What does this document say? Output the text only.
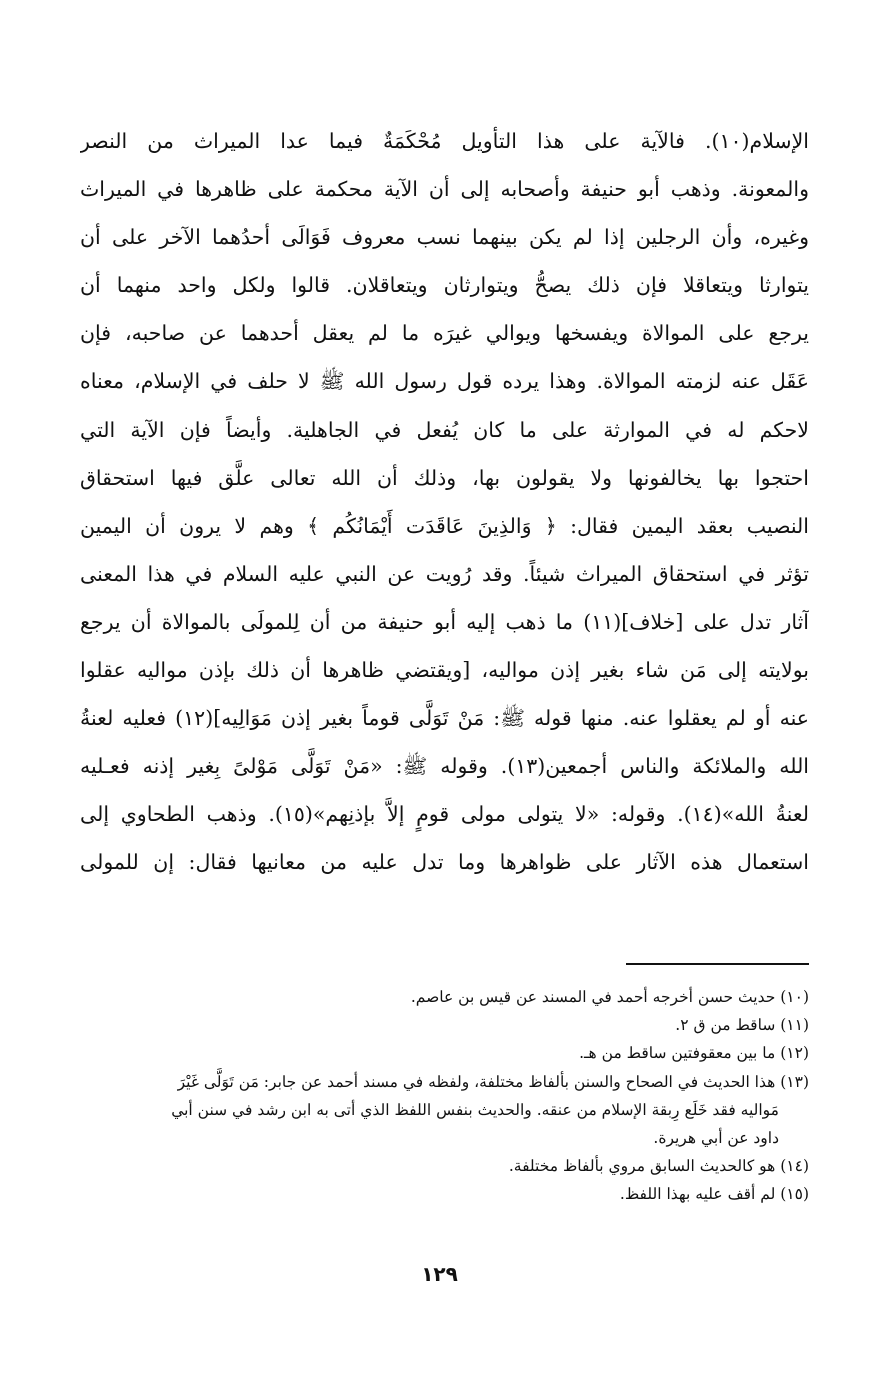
الإسلام(١٠). فالآية على هذا التأويل مُحْكَمَةٌ فيما عدا الميراث من النصر
والمعونة. وذهب أبو حنيفة وأصحابه إلى أن الآية محكمة على ظاهرها في الميراث
وغيره، وأن الرجلين إذا لم يكن بينهما نسب معروف فَوَالَى أحدُهما الآخر على أن
يتوارثا ويتعاقلا فإن ذلك يصحُّ ويتوارثان ويتعاقلان. قالوا ولكل واحد منهما أن
يرجع على الموالاة ويفسخها ويوالي غيرَه ما لم يعقل أحدهما عن صاحبه، فإن
عَقَل عنه لزمته الموالاة. وهذا يرده قول رسول الله ﷺ لا حلف في الإسلام، معناه
لاحكم له في الموارثة على ما كان يُفعل في الجاهلية. وأيضاً فإن الآية التي
احتجوا بها يخالفونها ولا يقولون بها، وذلك أن الله تعالى علَّق فيها استحقاق
النصيب بعقد اليمين فقال: ﴿ وَالذِينَ عَاقَدَت أَيْمَانُكُم ﴾ وهم لا يرون أن اليمين
تؤثر في استحقاق الميراث شيئاً. وقد رُويت عن النبي عليه السلام في هذا المعنى
آثار تدل على [خلاف](١١) ما ذهب إليه أبو حنيفة من أن لِلمولَى بالموالاة أن يرجع
بولايته إلى مَن شاء بغير إذن مواليه، [ويقتضي ظاهرها أن ذلك بإذن مواليه عقلوا
عنه أو لم يعقلوا عنه. منها قوله ﷺ: مَنْ تَوَلَّى قوماً بغير إذن مَوَالِيه](١٢) فعليه لعنةُ
الله والملائكة والناس أجمعين(١٣). وقوله ﷺ: «مَنْ تَوَلَّى مَوْلىً بِغير إذنه فعـليه
لعنةُ الله»(١٤). وقوله: «لا يتولى مولى قومٍ إلاَّ بإذنِهم»(١٥). وذهب الطحاوي إلى
استعمال هذه الآثار على ظواهرها وما تدل عليه من معانيها فقال: إن للمولى
(١٠) حديث حسن أخرجه أحمد في المسند عن قيس بن عاصم.
(١١) ساقط من ق ٢.
(١٢) ما بين معقوفتين ساقط من هـ.
(١٣) هذا الحديث في الصحاح والسنن بألفاظ مختلفة، ولفظه في مسند أحمد عن جابر: مَن تَوَلَّى غَيْرَ
مَواليه فقد خَلَع رِبقة الإسلام من عنقه. والحديث بنفس اللفظ الذي أتى به ابن رشد في سنن أبي
داود عن أبي هريرة.
(١٤) هو كالحديث السابق مروي بألفاظ مختلفة.
(١٥) لم أقف عليه بهذا اللفظ.
١٢٩
